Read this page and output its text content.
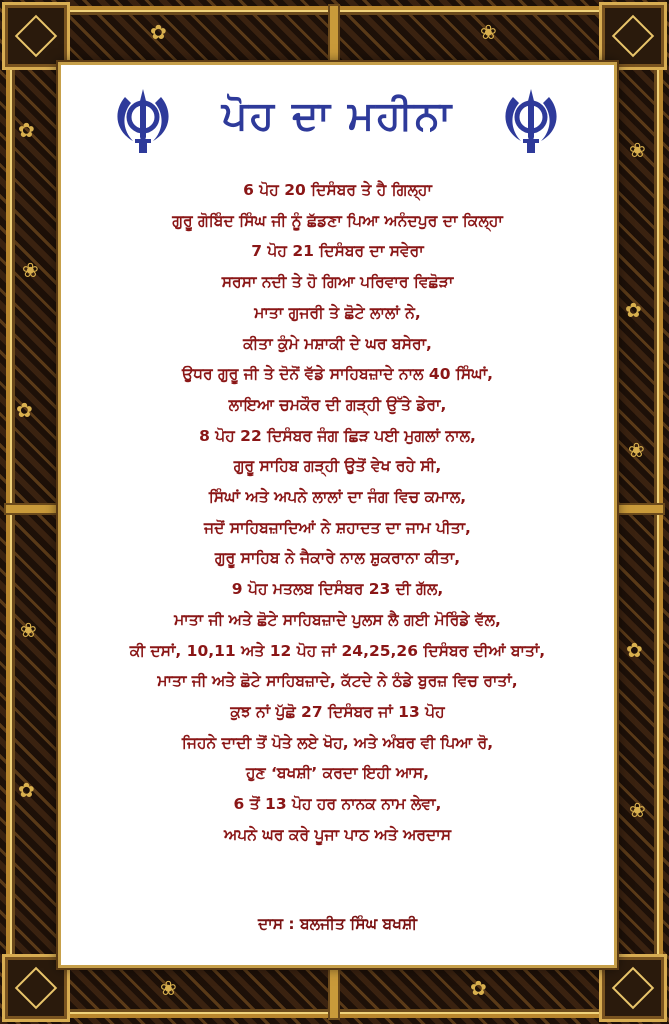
✿
❀
✿
❀
✿
❀
✿
❀
✿
❀
✿	❀
❀	✿
ਪੋਹ ਦਾ ਮਹੀਨਾ
6 ਪੋਹ 20 ਦਿਸੰਬਰ ਤੇ ਹੈ ਗਿਲ੍ਹਾ
ਗੁਰੂ ਗੋਬਿੰਦ ਸਿੰਘ ਜੀ ਨੂੰ ਛੱਡਣਾ ਪਿਆ ਅਨੰਦਪੁਰ ਦਾ ਕਿਲ੍ਹਾ
7 ਪੋਹ 21 ਦਿਸੰਬਰ ਦਾ ਸਵੇਰਾ
ਸਰਸਾ ਨਦੀ ਤੇ ਹੋ ਗਿਆ ਪਰਿਵਾਰ ਵਿਛੋੜਾ
ਮਾਤਾ ਗੁਜਰੀ ਤੇ ਛੋਟੇ ਲਾਲਾਂ ਨੇ,
ਕੀਤਾ ਕੁੰਮੇ ਮਸ਼ਾਕੀ ਦੇ ਘਰ ਬਸੇਰਾ,
ਉਧਰ ਗੁਰੂ ਜੀ ਤੇ ਦੋਨੋਂ ਵੱਡੇ ਸਾਹਿਬਜ਼ਾਦੇ ਨਾਲ 40 ਸਿੰਘਾਂ,
ਲਾਇਆ ਚਮਕੌਰ ਦੀ ਗੜ੍ਹੀ ਉੱਤੇ ਡੇਰਾ,
8 ਪੋਹ 22 ਦਿਸੰਬਰ ਜੰਗ ਛਿੜ ਪਈ ਮੁਗਲਾਂ ਨਾਲ,
ਗੁਰੂ ਸਾਹਿਬ ਗੜ੍ਹੀ ਉਤੋਂ ਵੇਖ ਰਹੇ ਸੀ,
ਸਿੰਘਾਂ ਅਤੇ ਅਪਨੇ ਲਾਲਾਂ ਦਾ ਜੰਗ ਵਿਚ ਕਮਾਲ,
ਜਦੋਂ ਸਾਹਿਬਜ਼ਾਦਿਆਂ ਨੇ ਸ਼ਹਾਦਤ ਦਾ ਜਾਮ ਪੀਤਾ,
ਗੁਰੂ ਸਾਹਿਬ ਨੇ ਜੈਕਾਰੇ ਨਾਲ ਸ਼ੁਕਰਾਨਾ ਕੀਤਾ,
9 ਪੋਹ ਮਤਲਬ ਦਿਸੰਬਰ 23 ਦੀ ਗੱਲ,
ਮਾਤਾ ਜੀ ਅਤੇ ਛੋਟੇ ਸਾਹਿਬਜ਼ਾਦੇ ਪੁਲਸ ਲੈ ਗਈ ਮੋਰਿੰਡੇ ਵੱਲ,
ਕੀ ਦਸਾਂ, 10,11 ਅਤੇ 12 ਪੋਹ ਜਾਂ 24,25,26 ਦਿਸੰਬਰ ਦੀਆਂ ਬਾਤਾਂ,
ਮਾਤਾ ਜੀ ਅਤੇ ਛੋਟੇ ਸਾਹਿਬਜ਼ਾਦੇ, ਕੱਟਦੇ ਨੇ ਠੰਡੇ ਬੁਰਜ਼ ਵਿਚ ਰਾਤਾਂ,
ਕੁਝ ਨਾਂ ਪੁੱਛੋ 27 ਦਿਸੰਬਰ ਜਾਂ 13 ਪੋਹ
ਜਿਹਨੇ ਦਾਦੀ ਤੋਂ ਪੋਤੇ ਲਏ ਖੋਹ, ਅਤੇ ਅੰਬਰ ਵੀ ਪਿਆ ਰੋ,
ਹੁਣ ‘ਬਖਸ਼ੀ’ ਕਰਦਾ ਇਹੀ ਆਸ,
6 ਤੋਂ 13 ਪੋਹ ਹਰ ਨਾਨਕ ਨਾਮ ਲੇਵਾ,
ਅਪਨੇ ਘਰ ਕਰੇ ਪੂਜਾ ਪਾਠ ਅਤੇ ਅਰਦਾਸ
ਦਾਸ : ਬਲਜੀਤ ਸਿੰਘ ਬਖਸ਼ੀ
